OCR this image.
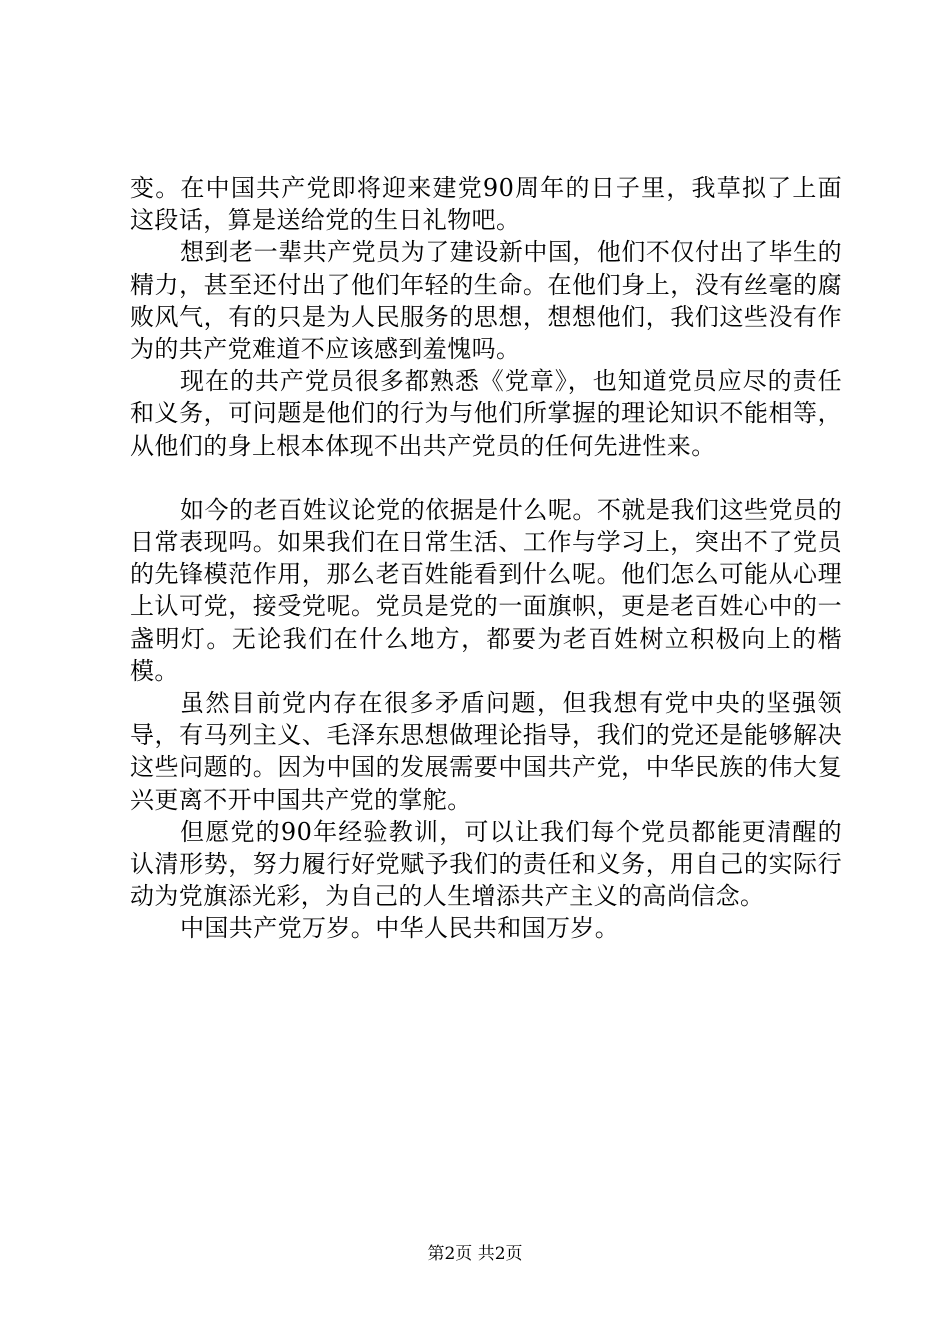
变。在中国共产党即将迎来建党90周年的日子里，我草拟了上面这段话，算是送给党的生日礼物吧。

想到老一辈共产党员为了建设新中国，他们不仅付出了毕生的精力，甚至还付出了他们年轻的生命。在他们身上，没有丝毫的腐败风气，有的只是为人民服务的思想，想想他们，我们这些没有作为的共产党难道不应该感到羞愧吗。

现在的共产党员很多都熟悉《党章》，也知道党员应尽的责任和义务，可问题是他们的行为与他们所掌握的理论知识不能相等，从他们的身上根本体现不出共产党员的任何先进性来。

如今的老百姓议论党的依据是什么呢。不就是我们这些党员的日常表现吗。如果我们在日常生活、工作与学习上，突出不了党员的先锋模范作用，那么老百姓能看到什么呢。他们怎么可能从心理上认可党，接受党呢。党员是党的一面旗帜，更是老百姓心中的一盏明灯。无论我们在什么地方，都要为老百姓树立积极向上的楷模。

虽然目前党内存在很多矛盾问题，但我想有党中央的坚强领导，有马列主义、毛泽东思想做理论指导，我们的党还是能够解决这些问题的。因为中国的发展需要中国共产党，中华民族的伟大复兴更离不开中国共产党的掌舵。

但愿党的90年经验教训，可以让我们每个党员都能更清醒的认清形势，努力履行好党赋予我们的责任和义务，用自己的实际行动为党旗添光彩，为自己的人生增添共产主义的高尚信念。

中国共产党万岁。中华人民共和国万岁。

第2页 共2页
